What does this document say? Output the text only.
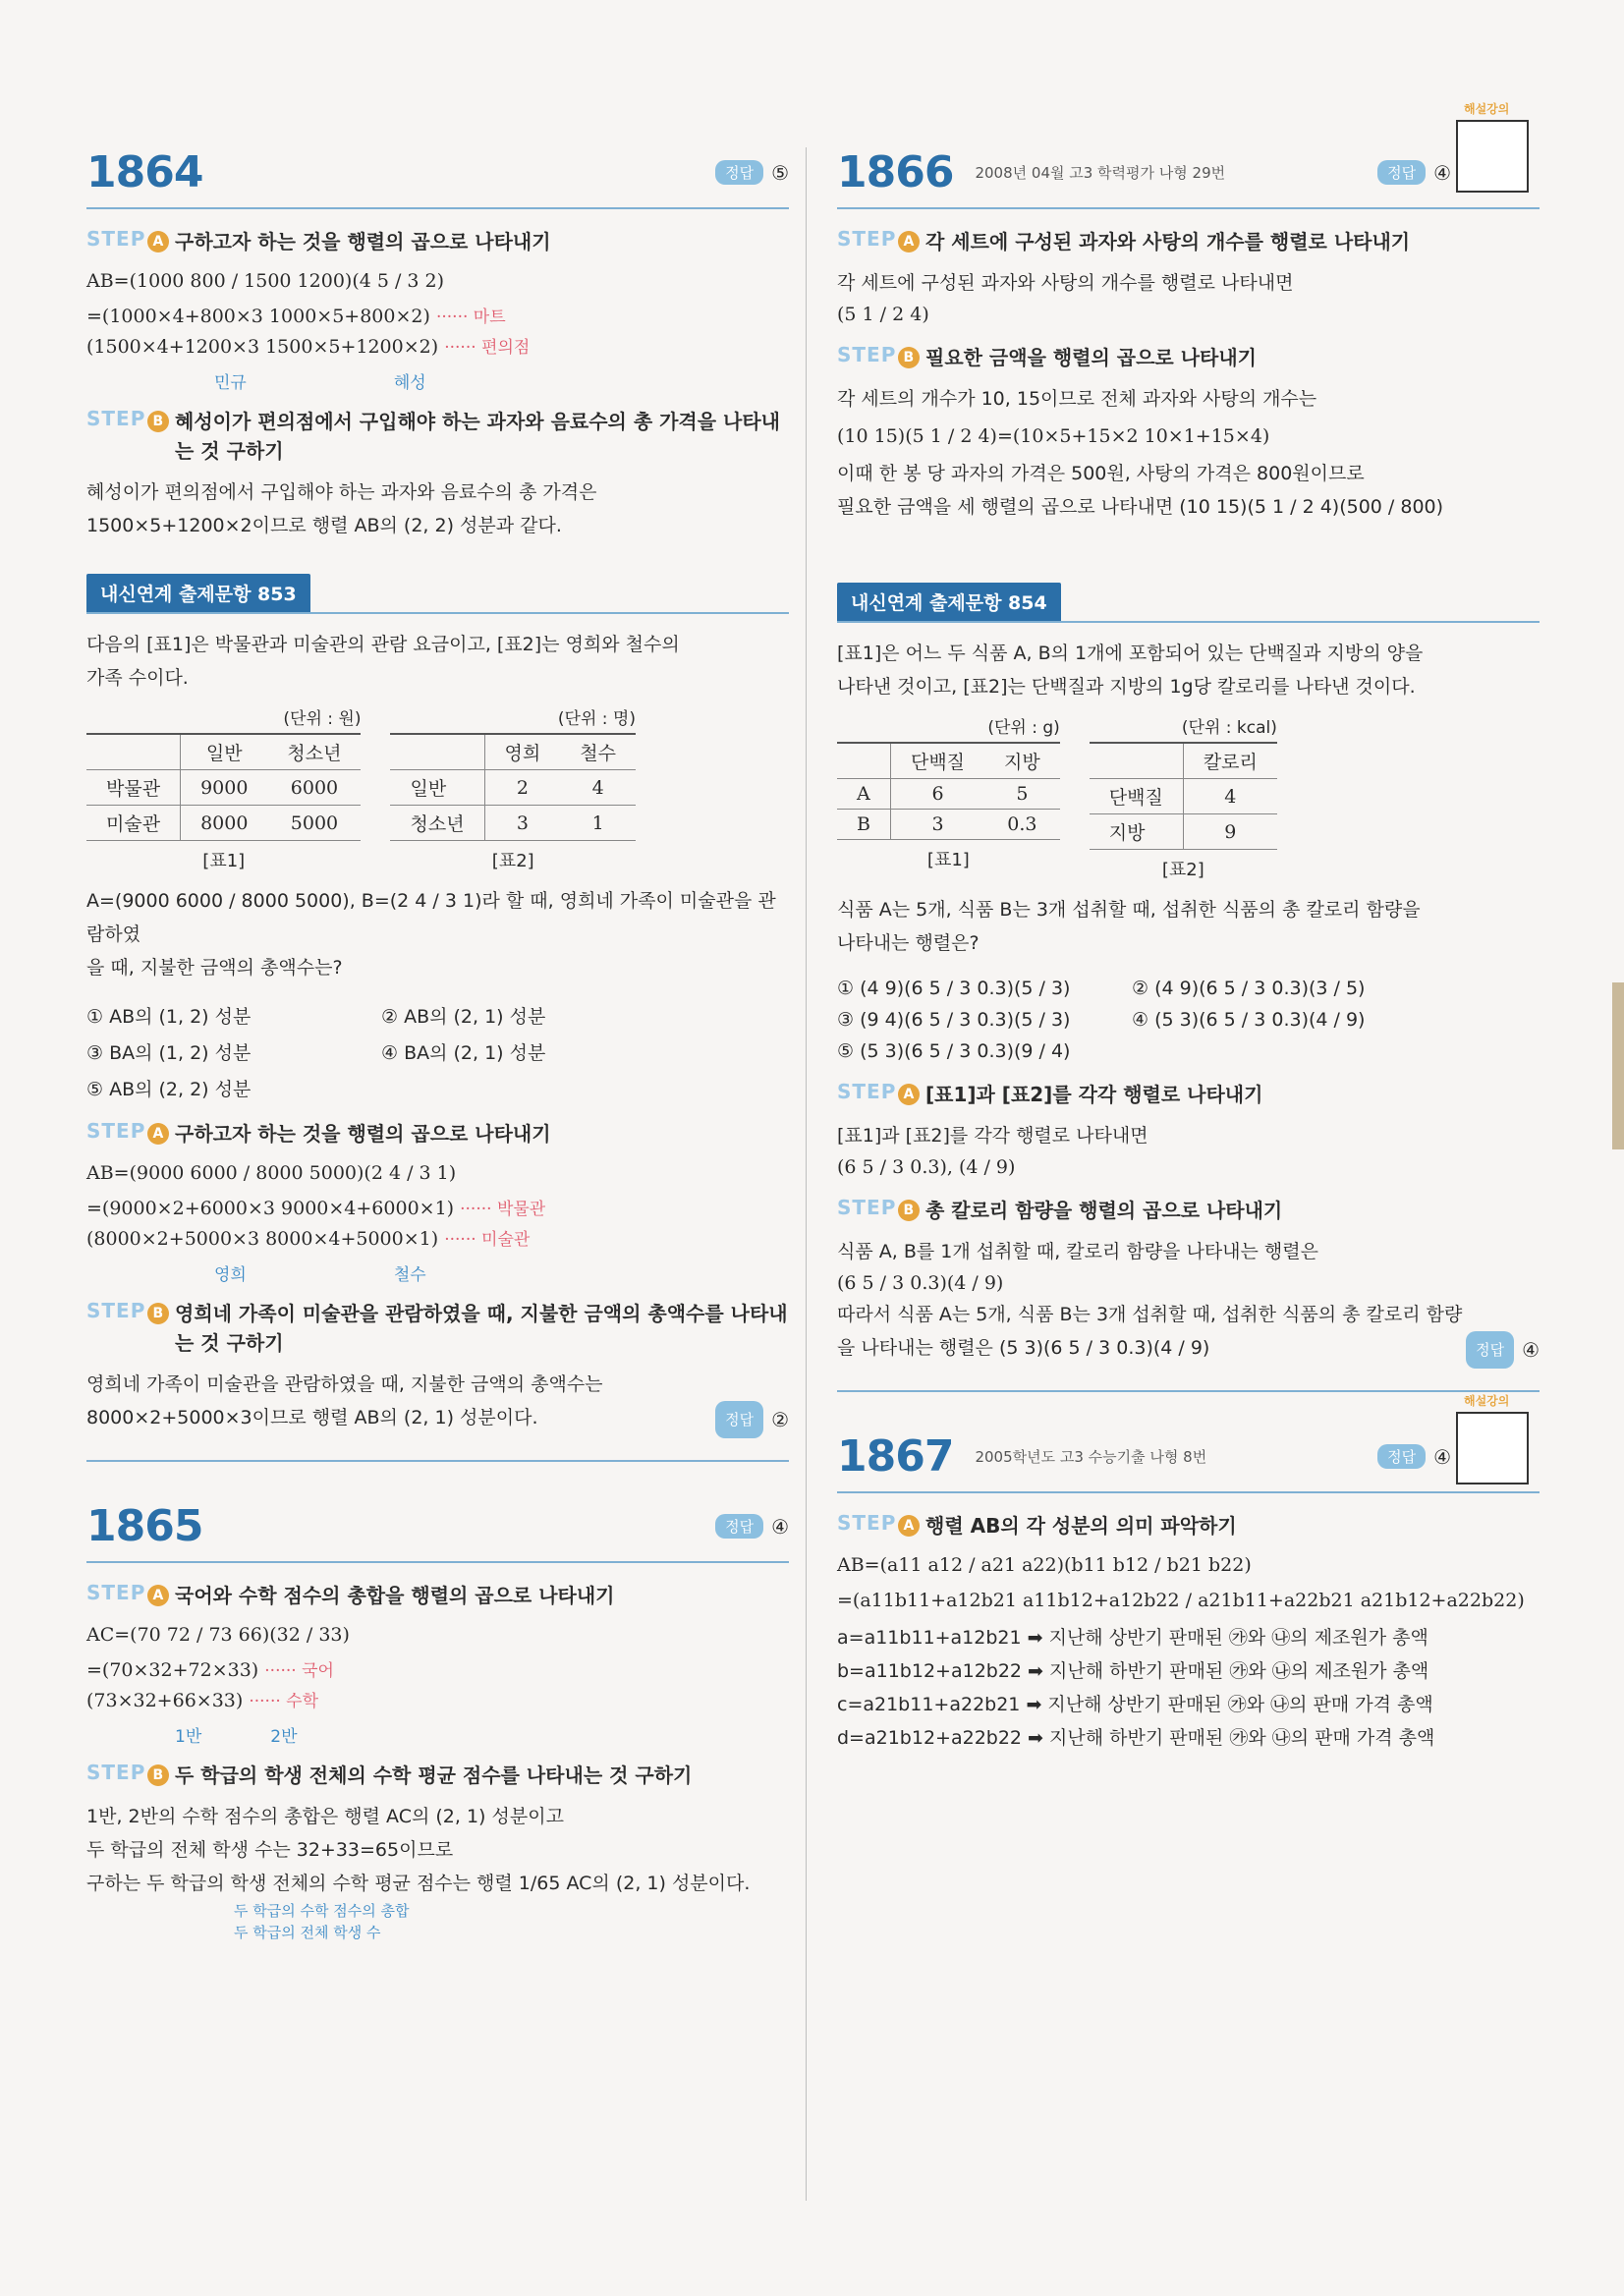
1864	정답 ⑤
STEP A 구하고자 하는 것을 행렬의 곱으로 나타내기
AB=(1000 800 / 1500 1200)(4 5 / 3 2)
=(1000×4+800×3 1000×5+800×2) ······ 마트
(1500×4+1200×3 1500×5+1200×2) ······ 편의점
민규	혜성
STEP B 혜성이가 편의점에서 구입해야 하는 과자와 음료수의 총 가격을 나타내는 것 구하기
혜성이가 편의점에서 구입해야 하는 과자와 음료수의 총 가격은
1500×5+1200×2이므로 행렬 AB의 (2, 2) 성분과 같다.
내신연계 출제문항 853
다음의 [표1]은 박물관과 미술관의 관람 요금이고, [표2]는 영희와 철수의
가족 수이다.
(단위 : 원)
	일반	청소년
박물관	9000	6000
미술관	8000	5000
[표1]
(단위 : 명)
	영희	철수
일반	2	4
청소년	3	1
[표2]
A=(9000 6000 / 8000 5000), B=(2 4 / 3 1)라 할 때, 영희네 가족이 미술관을 관람하였
을 때, 지불한 금액의 총액수는?
① AB의 (1, 2) 성분	② AB의 (2, 1) 성분
③ BA의 (1, 2) 성분	④ BA의 (2, 1) 성분
⑤ AB의 (2, 2) 성분
STEP A 구하고자 하는 것을 행렬의 곱으로 나타내기
AB=(9000 6000 / 8000 5000)(2 4 / 3 1)
=(9000×2+6000×3 9000×4+6000×1) ······ 박물관
(8000×2+5000×3 8000×4+5000×1) ······ 미술관
영희	철수
STEP B 영희네 가족이 미술관을 관람하였을 때, 지불한 금액의 총액수를 나타내는 것 구하기
영희네 가족이 미술관을 관람하였을 때, 지불한 금액의 총액수는
8000×2+5000×3이므로 행렬 AB의 (2, 1) 성분이다.	정답 ②
1865	정답 ④
STEP A 국어와 수학 점수의 총합을 행렬의 곱으로 나타내기
AC=(70 72 / 73 66)(32 / 33)
=(70×32+72×33) ······ 국어
(73×32+66×33) ······ 수학
1반	2반
STEP B 두 학급의 학생 전체의 수학 평균 점수를 나타내는 것 구하기
1반, 2반의 수학 점수의 총합은 행렬 AC의 (2, 1) 성분이고
두 학급의 전체 학생 수는 32+33=65이므로
구하는 두 학급의 학생 전체의 수학 평균 점수는 행렬 1/65 AC의 (2, 1) 성분이다.
두 학급의 수학 점수의 총합
두 학급의 전체 학생 수
해설강의
1866 2008년 04월 고3 학력평가 나형 29번	정답 ④
STEP A 각 세트에 구성된 과자와 사탕의 개수를 행렬로 나타내기
각 세트에 구성된 과자와 사탕의 개수를 행렬로 나타내면
(5 1 / 2 4)
STEP B 필요한 금액을 행렬의 곱으로 나타내기
각 세트의 개수가 10, 15이므로 전체 과자와 사탕의 개수는
(10 15)(5 1 / 2 4)=(10×5+15×2 10×1+15×4)
이때 한 봉 당 과자의 가격은 500원, 사탕의 가격은 800원이므로
필요한 금액을 세 행렬의 곱으로 나타내면 (10 15)(5 1 / 2 4)(500 / 800)
내신연계 출제문항 854
[표1]은 어느 두 식품 A, B의 1개에 포함되어 있는 단백질과 지방의 양을
나타낸 것이고, [표2]는 단백질과 지방의 1g당 칼로리를 나타낸 것이다.
(단위 : g)
	단백질	지방
A	6	5
B	3	0.3
[표1]
(단위 : kcal)
	칼로리
단백질	4
지방	9
[표2]
식품 A는 5개, 식품 B는 3개 섭취할 때, 섭취한 식품의 총 칼로리 함량을
나타내는 행렬은?
① (4 9)(6 5 / 3 0.3)(5 / 3)	② (4 9)(6 5 / 3 0.3)(3 / 5)
③ (9 4)(6 5 / 3 0.3)(5 / 3)	④ (5 3)(6 5 / 3 0.3)(4 / 9)
⑤ (5 3)(6 5 / 3 0.3)(9 / 4)
STEP A [표1]과 [표2]를 각각 행렬로 나타내기
[표1]과 [표2]를 각각 행렬로 나타내면
(6 5 / 3 0.3), (4 / 9)
STEP B 총 칼로리 함량을 행렬의 곱으로 나타내기
식품 A, B를 1개 섭취할 때, 칼로리 함량을 나타내는 행렬은
(6 5 / 3 0.3)(4 / 9)
따라서 식품 A는 5개, 식품 B는 3개 섭취할 때, 섭취한 식품의 총 칼로리 함량
을 나타내는 행렬은 (5 3)(6 5 / 3 0.3)(4 / 9)	정답 ④
해설강의
1867 2005학년도 고3 수능기출 나형 8번	정답 ④
STEP A 행렬 AB의 각 성분의 의미 파악하기
AB=(a11 a12 / a21 a22)(b11 b12 / b21 b22)
=(a11b11+a12b21 a11b12+a12b22 / a21b11+a22b21 a21b12+a22b22)
a=a11b11+a12b21 ➡ 지난해 상반기 판매된 ㉮와 ㉯의 제조원가 총액
b=a11b12+a12b22 ➡ 지난해 하반기 판매된 ㉮와 ㉯의 제조원가 총액
c=a21b11+a22b21 ➡ 지난해 상반기 판매된 ㉮와 ㉯의 판매 가격 총액
d=a21b12+a22b22 ➡ 지난해 하반기 판매된 ㉮와 ㉯의 판매 가격 총액
